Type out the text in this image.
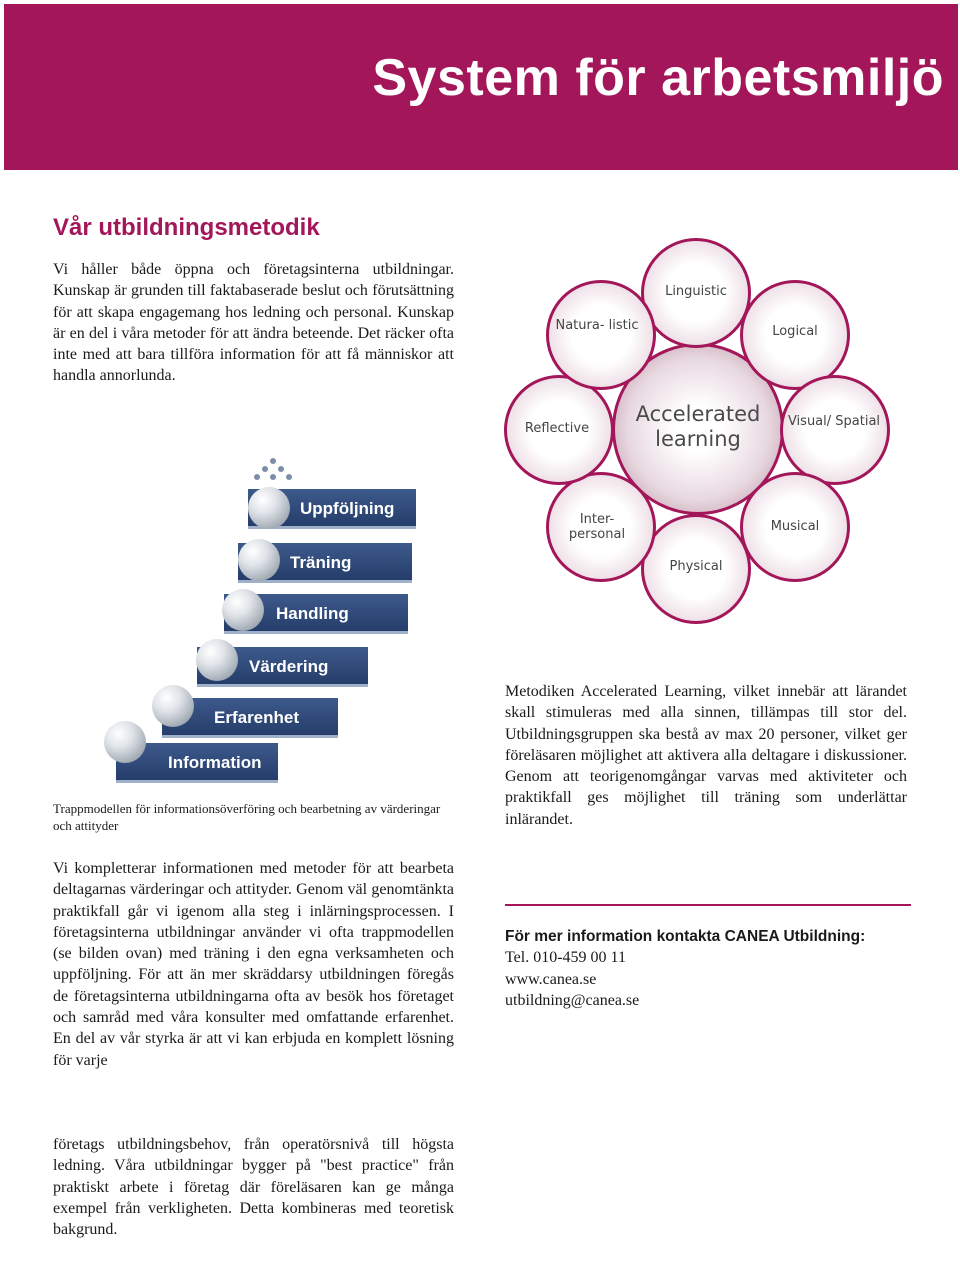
System för arbetsmiljö
Vår utbildningsmetodik

Vi håller både öppna och företagsinterna utbildningar. Kunskap är grunden till faktabaserade beslut och förutsättning för att skapa engagemang hos ledning och personal. Kunskap är en del i våra metoder för att ändra beteende. Det räcker ofta inte med att bara tillföra information för att få människor att handla annorlunda.

Uppföljning
Träning
Handling
Värdering
Erfarenhet
Information

Trappmodellen för informationsöverföring och bearbetning av värderingar och attityder

Vi kompletterar informationen med metoder för att bearbeta deltagarnas värderingar och attityder. Genom väl genomtänkta praktikfall går vi igenom alla steg i inlärningsprocessen. I företagsinterna utbildningar använder vi ofta trappmodellen (se bilden ovan) med träning i den egna verksamheten och uppföljning. För att än mer skräddarsy utbildningen föregås de företagsinterna utbildningarna ofta av besök hos företaget och samråd med våra konsulter med omfattande erfarenhet. En del av vår styrka är att vi kan erbjuda en komplett lösning för varje

företags utbildningsbehov, från operatörsnivå till högsta ledning. Våra utbildningar bygger på "best practice" från praktiskt arbete i företag där föreläsaren kan ge många exempel från verkligheten. Detta kombineras med teoretisk bakgrund.

Accelerated learning
Linguistic
Logical
Visual/ Spatial
Musical
Physical
Inter- personal
Reflective
Natura- listic

Metodiken Accelerated Learning, vilket innebär att lärandet skall stimuleras med alla sinnen, tillämpas till stor del. Utbildningsgruppen ska bestå av max 20 personer, vilket ger föreläsaren möjlighet att aktivera alla deltagare i diskussioner. Genom att teorigenomgångar varvas med aktiviteter och praktikfall ges möjlighet till träning som underlättar inlärandet.

För mer information kontakta CANEA Utbildning:

Tel. 010-459 00 11

www.canea.se

utbildning@canea.se
